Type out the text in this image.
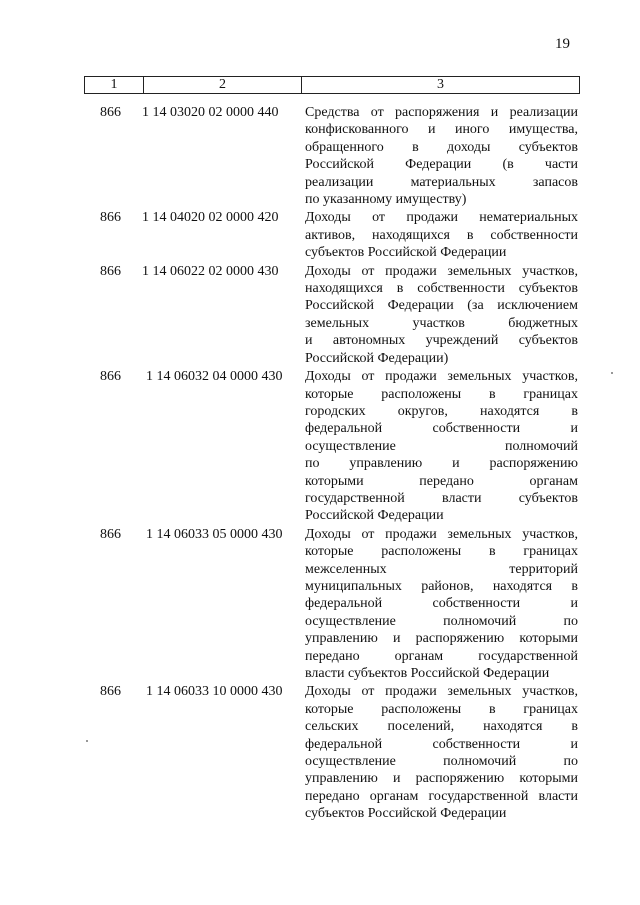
19
1	2	3
866	1 14 03020 02 0000 440	Средства от распоряжения и реализации
конфискованного и иного имущества,
обращенного в доходы субъектов
Российской Федерации (в части
реализации материальных запасов
по указанному имуществу)
866	1 14 04020 02 0000 420	Доходы от продажи нематериальных
активов, находящихся в собственности
субъектов Российской Федерации
866	1 14 06022 02 0000 430	Доходы от продажи земельных участков,
находящихся в собственности субъектов
Российской Федерации (за исключением
земельных участков бюджетных
и автономных учреждений субъектов
Российской Федерации)
866	1 14 06032 04 0000 430	Доходы от продажи земельных участков,
которые расположены в границах
городских округов, находятся в
федеральной собственности и
осуществление полномочий
по управлению и распоряжению
которыми передано органам
государственной власти субъектов
Российской Федерации
866	1 14 06033 05 0000 430	Доходы от продажи земельных участков,
которые расположены в границах
межселенных территорий
муниципальных районов, находятся в
федеральной собственности и
осуществление полномочий по
управлению и распоряжению которыми
передано органам государственной
власти субъектов Российской Федерации
866	1 14 06033 10 0000 430	Доходы от продажи земельных участков,
которые расположены в границах
сельских поселений, находятся в
федеральной собственности и
осуществление полномочий по
управлению и распоряжению которыми
передано органам государственной власти
субъектов Российской Федерации
